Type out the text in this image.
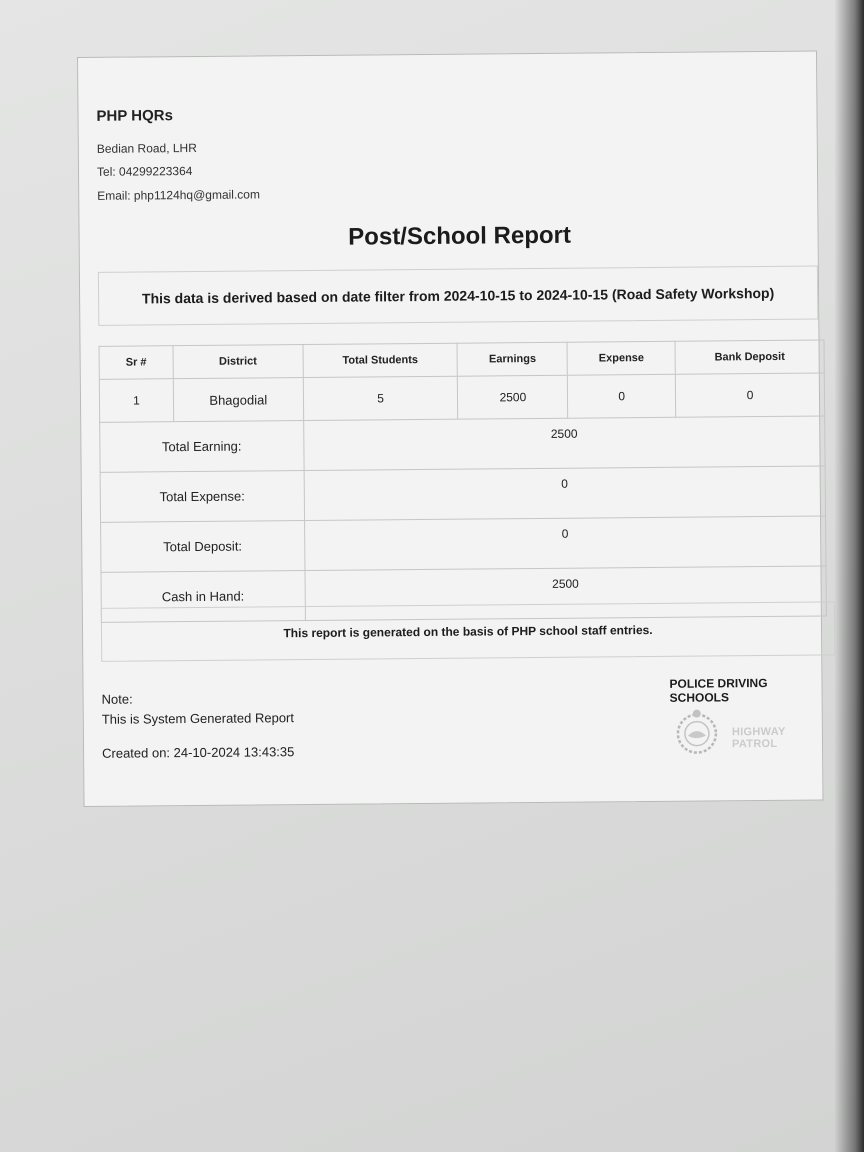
PHP HQRs
Bedian Road, LHR
Tel: 04299223364
Email: php1124hq@gmail.com
Post/School Report
This data is derived based on date filter from 2024-10-15 to 2024-10-15 (Road Safety Workshop)
Sr #	District	Total Students	Earnings	Expense	Bank Deposit
1	Bhagodial	5	2500	0	0
Total Earning:		2500			
Total Expense:		0			
Total Deposit:		0			
Cash in Hand:		2500			
This report is generated on the basis of PHP school staff entries.
Note:
This is System Generated Report
Created on: 24-10-2024 13:43:35
POLICE DRIVING SCHOOLS
HIGHWAY PATROL
